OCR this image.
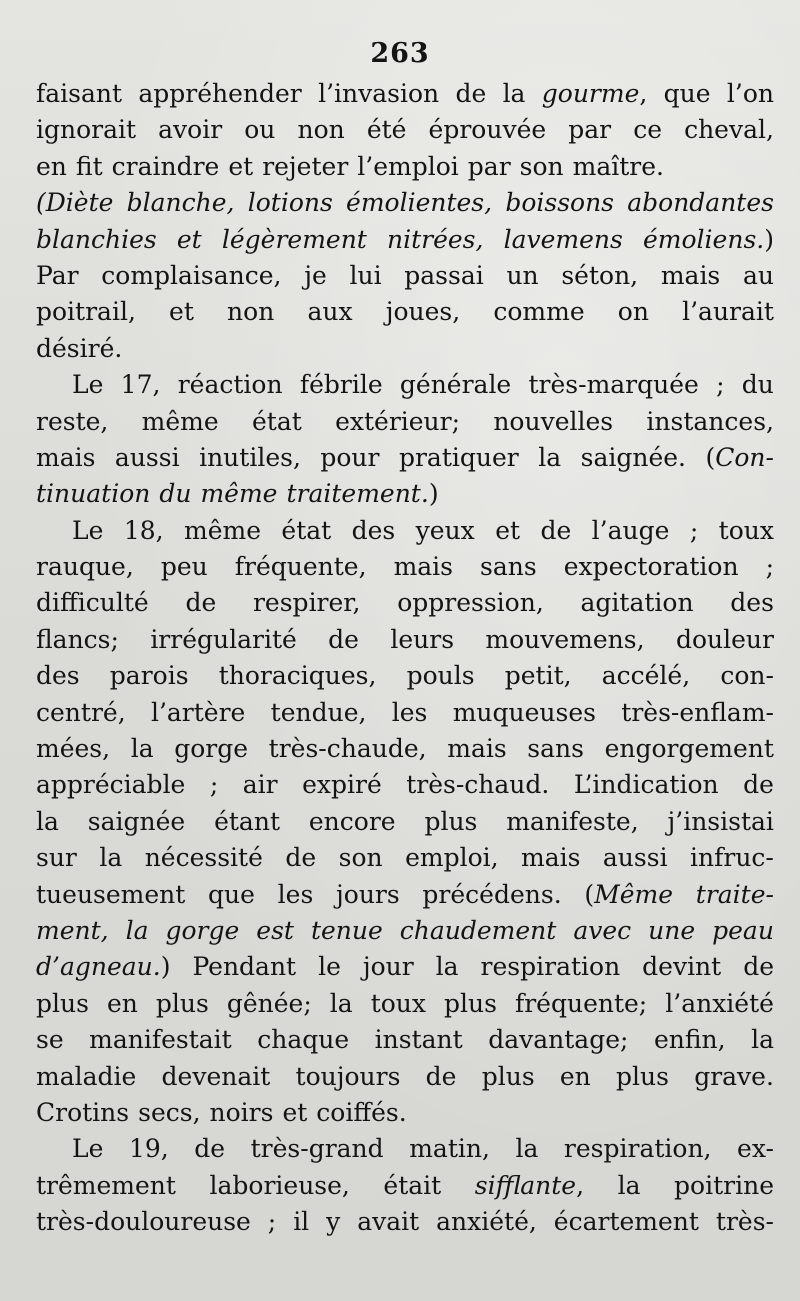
263
faisant appréhender l’invasion de la gourme, que l’on
ignorait avoir ou non été éprouvée par ce cheval,
en fit craindre et rejeter l’emploi par son maître.
(Diète blanche, lotions émolientes, boissons abondantes
blanchies et légèrement nitrées, lavemens émoliens.)
Par complaisance, je lui passai un séton, mais au
poitrail, et non aux joues, comme on l’aurait
désiré.
Le 17, réaction fébrile générale très-marquée ; du
reste, même état extérieur; nouvelles instances,
mais aussi inutiles, pour pratiquer la saignée. (Con-
tinuation du même traitement.)
Le 18, même état des yeux et de l’auge ; toux
rauque, peu fréquente, mais sans expectoration ;
difficulté de respirer, oppression, agitation des
flancs; irrégularité de leurs mouvemens, douleur
des parois thoraciques, pouls petit, accélé, con-
centré, l’artère tendue, les muqueuses très-enflam-
mées, la gorge très-chaude, mais sans engorgement
appréciable ; air expiré très-chaud. L’indication de
la saignée étant encore plus manifeste, j’insistai
sur la nécessité de son emploi, mais aussi infruc-
tueusement que les jours précédens. (Même traite-
ment, la gorge est tenue chaudement avec une peau
d’agneau.) Pendant le jour la respiration devint de
plus en plus gênée; la toux plus fréquente; l’anxiété
se manifestait chaque instant davantage; enfin, la
maladie devenait toujours de plus en plus grave.
Crotins secs, noirs et coiffés.
Le 19, de très-grand matin, la respiration, ex-
trêmement laborieuse, était sifflante, la poitrine
très-douloureuse ; il y avait anxiété, écartement très-
